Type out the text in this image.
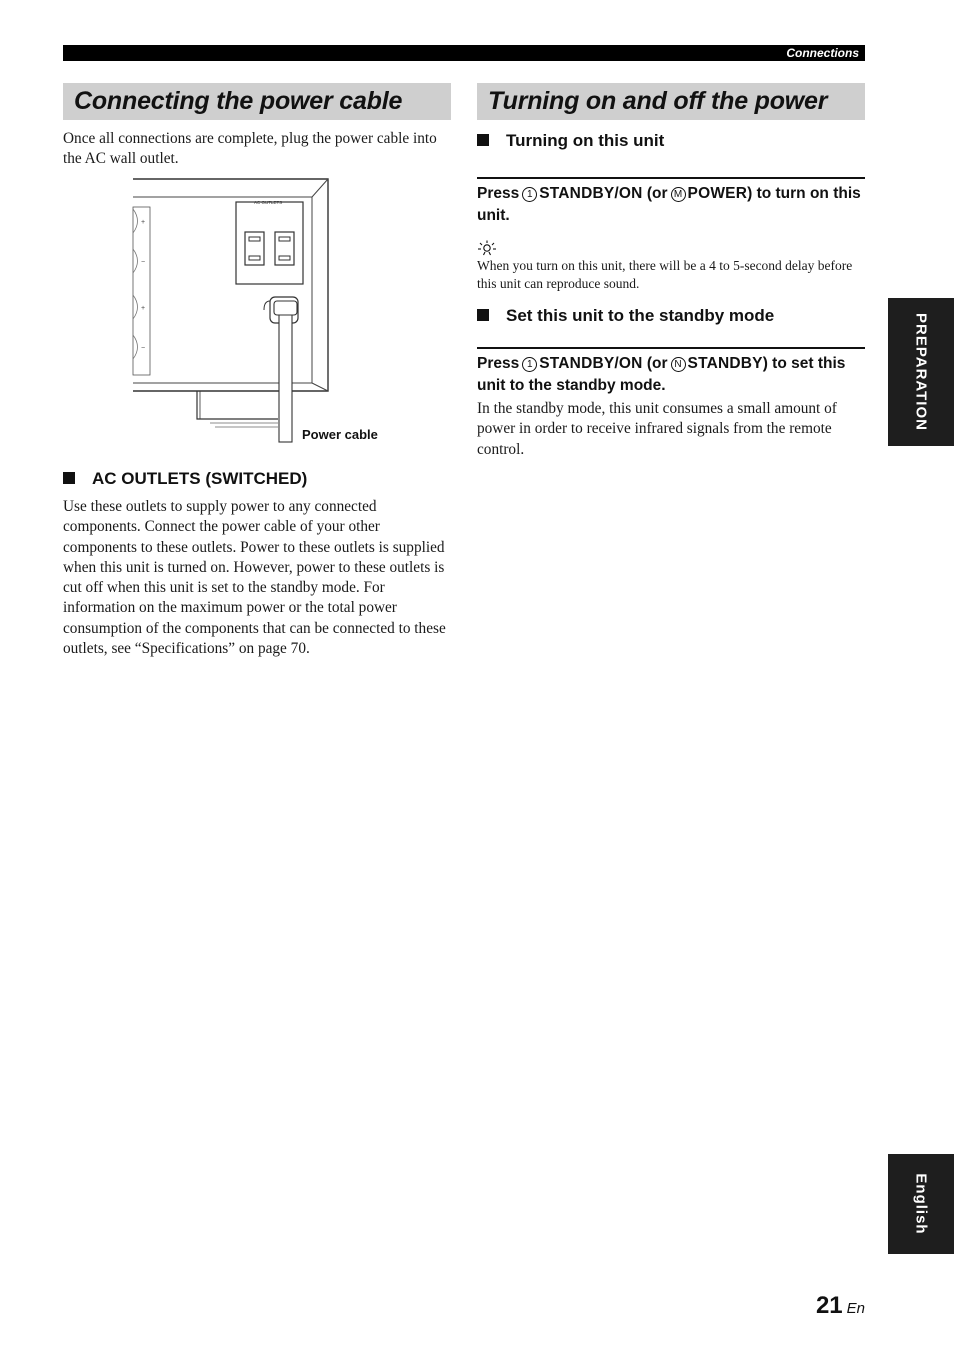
Connections
Connecting the power cable
Once all connections are complete, plug the power cable into the AC wall outlet.
+
−
+
−
AC OUTLETS
Power cable
AC OUTLETS (SWITCHED)
Use these outlets to supply power to any connected components. Connect the power cable of your other components to these outlets. Power to these outlets is supplied when this unit is turned on. However, power to these outlets is cut off when this unit is set to the standby mode. For information on the maximum power or the total power consumption of the components that can be connected to these outlets, see “Specifications” on page 70.
Turning on and off the power
Turning on this unit
Press 1 STANDBY/ON (or M POWER) to turn on this unit.
When you turn on this unit, there will be a 4 to 5-second delay before this unit can reproduce sound.
Set this unit to the standby mode
Press 1 STANDBY/ON (or N STANDBY) to set this unit to the standby mode.
In the standby mode, this unit consumes a small amount of power in order to receive infrared signals from the remote control.
PREPARATION
English
21 En
